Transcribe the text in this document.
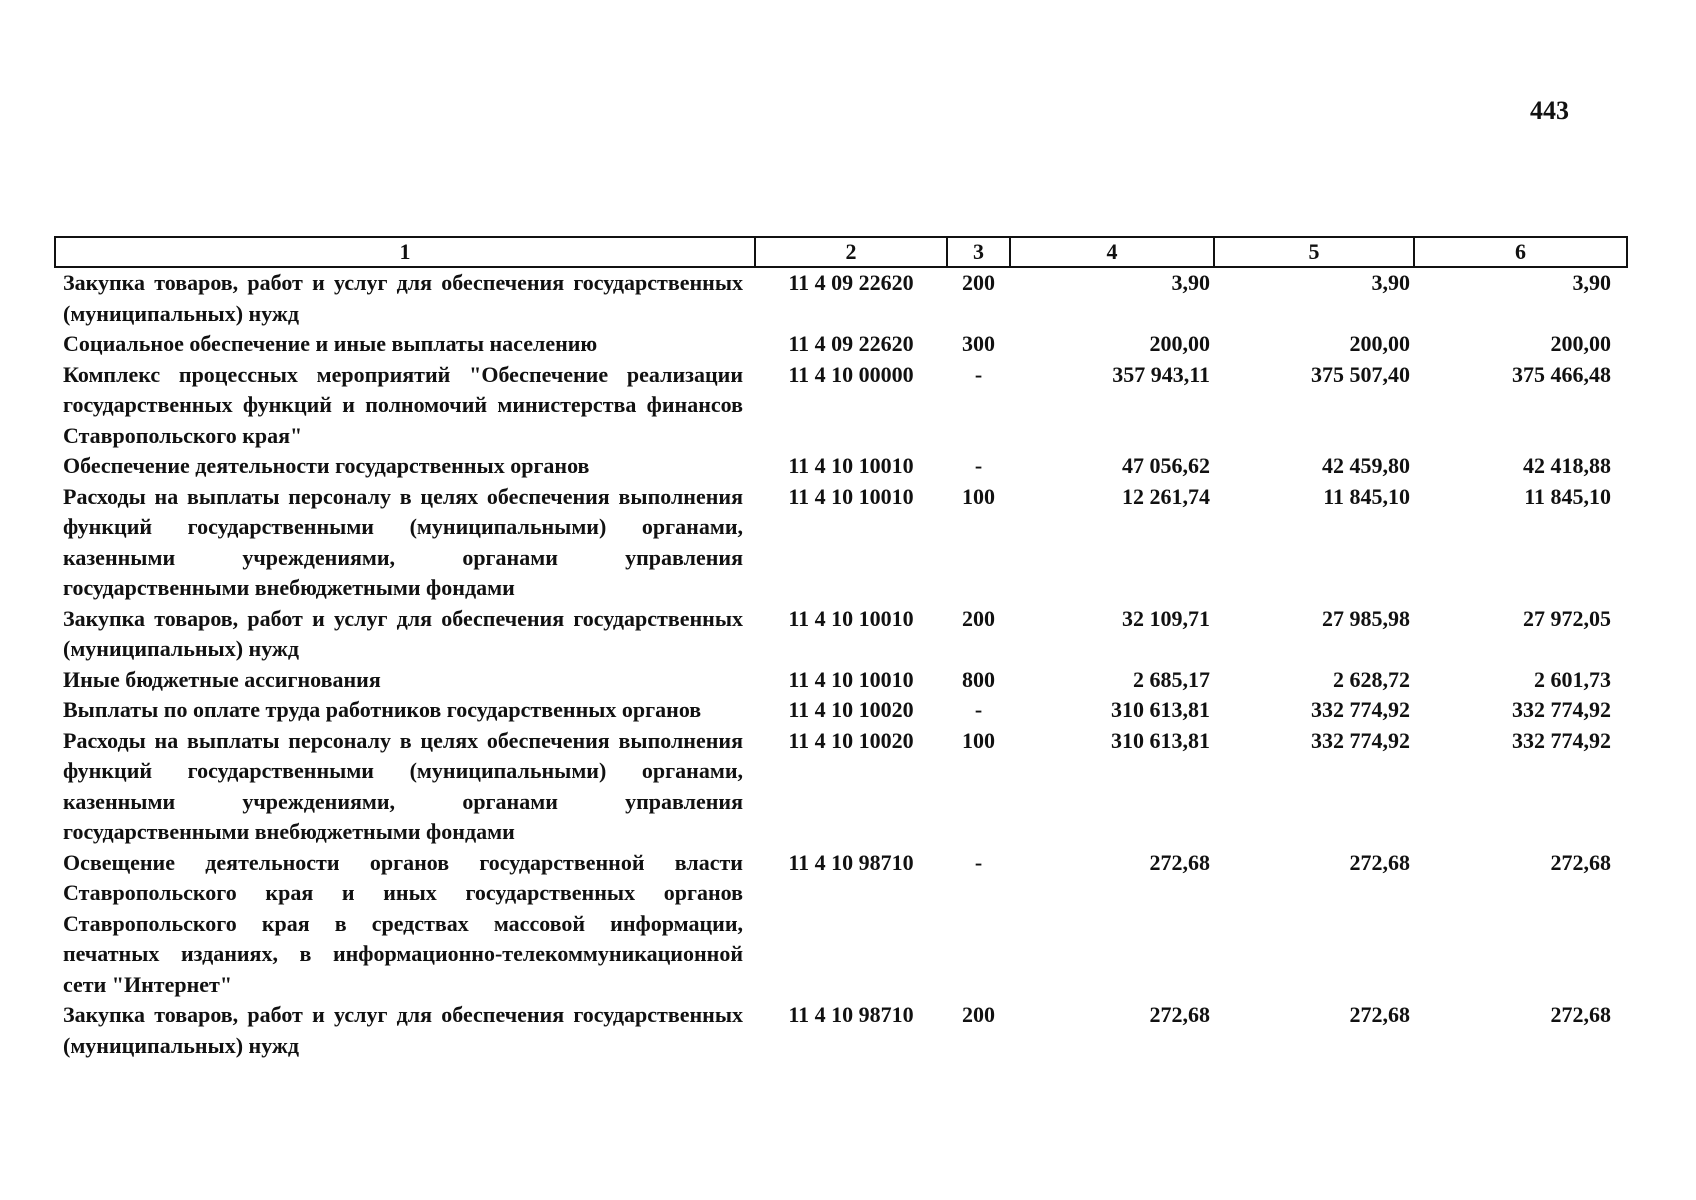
443
1	2	3	4	5	6
Закупка товаров, работ и услуг для обеспечения государственных (муниципальных) нужд	11 4 09 22620	200	3,90	3,90	3,90
Социальное обеспечение и иные выплаты населению	11 4 09 22620	300	200,00	200,00	200,00
Комплекс процессных мероприятий "Обеспечение реализации государственных функций и полномочий министерства финансов Ставропольского края"	11 4 10 00000	-	357 943,11	375 507,40	375 466,48
Обеспечение деятельности государственных органов	11 4 10 10010	-	47 056,62	42 459,80	42 418,88
Расходы на выплаты персоналу в целях обеспечения выполнения функций государственными (муниципальными) органами, казенными учреждениями, органами управления государственными внебюджетными фондами	11 4 10 10010	100	12 261,74	11 845,10	11 845,10
Закупка товаров, работ и услуг для обеспечения государственных (муниципальных) нужд	11 4 10 10010	200	32 109,71	27 985,98	27 972,05
Иные бюджетные ассигнования	11 4 10 10010	800	2 685,17	2 628,72	2 601,73
Выплаты по оплате труда работников государственных органов	11 4 10 10020	-	310 613,81	332 774,92	332 774,92
Расходы на выплаты персоналу в целях обеспечения выполнения функций государственными (муниципальными) органами, казенными учреждениями, органами управления государственными внебюджетными фондами	11 4 10 10020	100	310 613,81	332 774,92	332 774,92
Освещение деятельности органов государственной власти Ставропольского края и иных государственных органов Ставропольского края в средствах массовой информации, печатных изданиях, в информационно-телекоммуникационной сети "Интернет"	11 4 10 98710	-	272,68	272,68	272,68
Закупка товаров, работ и услуг для обеспечения государственных (муниципальных) нужд	11 4 10 98710	200	272,68	272,68	272,68
